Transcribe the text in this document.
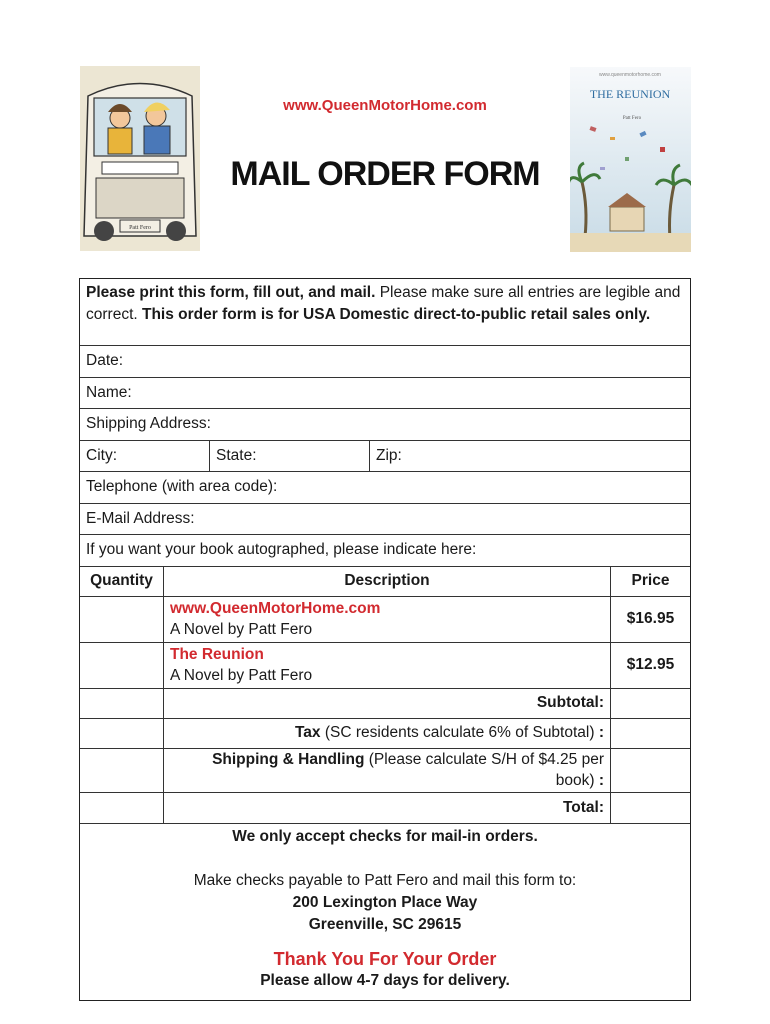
Patt Fero
www.QueenMotorHome.com
MAIL ORDER FORM
www.queenmotorhome.com
THE REUNION
Patt Fero
Please print this form, fill out, and mail. Please make sure all entries are legible and correct. This order form is for USA Domestic direct-to-public retail sales only.
Date:
Name:
Shipping Address:
City:	State:	Zip:
Telephone (with area code):
E-Mail Address:
If you want your book autographed, please indicate here:
Quantity	Description	Price
www.QueenMotorHome.com
A Novel by Patt Fero
$16.95
The Reunion
A Novel by Patt Fero
$12.95
Subtotal:
Tax (SC residents calculate 6% of Subtotal) :
Shipping & Handling (Please calculate S/H of $4.25 per book) :
Total:
We only accept checks for mail-in orders.
Make checks payable to Patt Fero and mail this form to:
200 Lexington Place Way
Greenville, SC 29615
Thank You For Your Order
Please allow 4-7 days for delivery.
